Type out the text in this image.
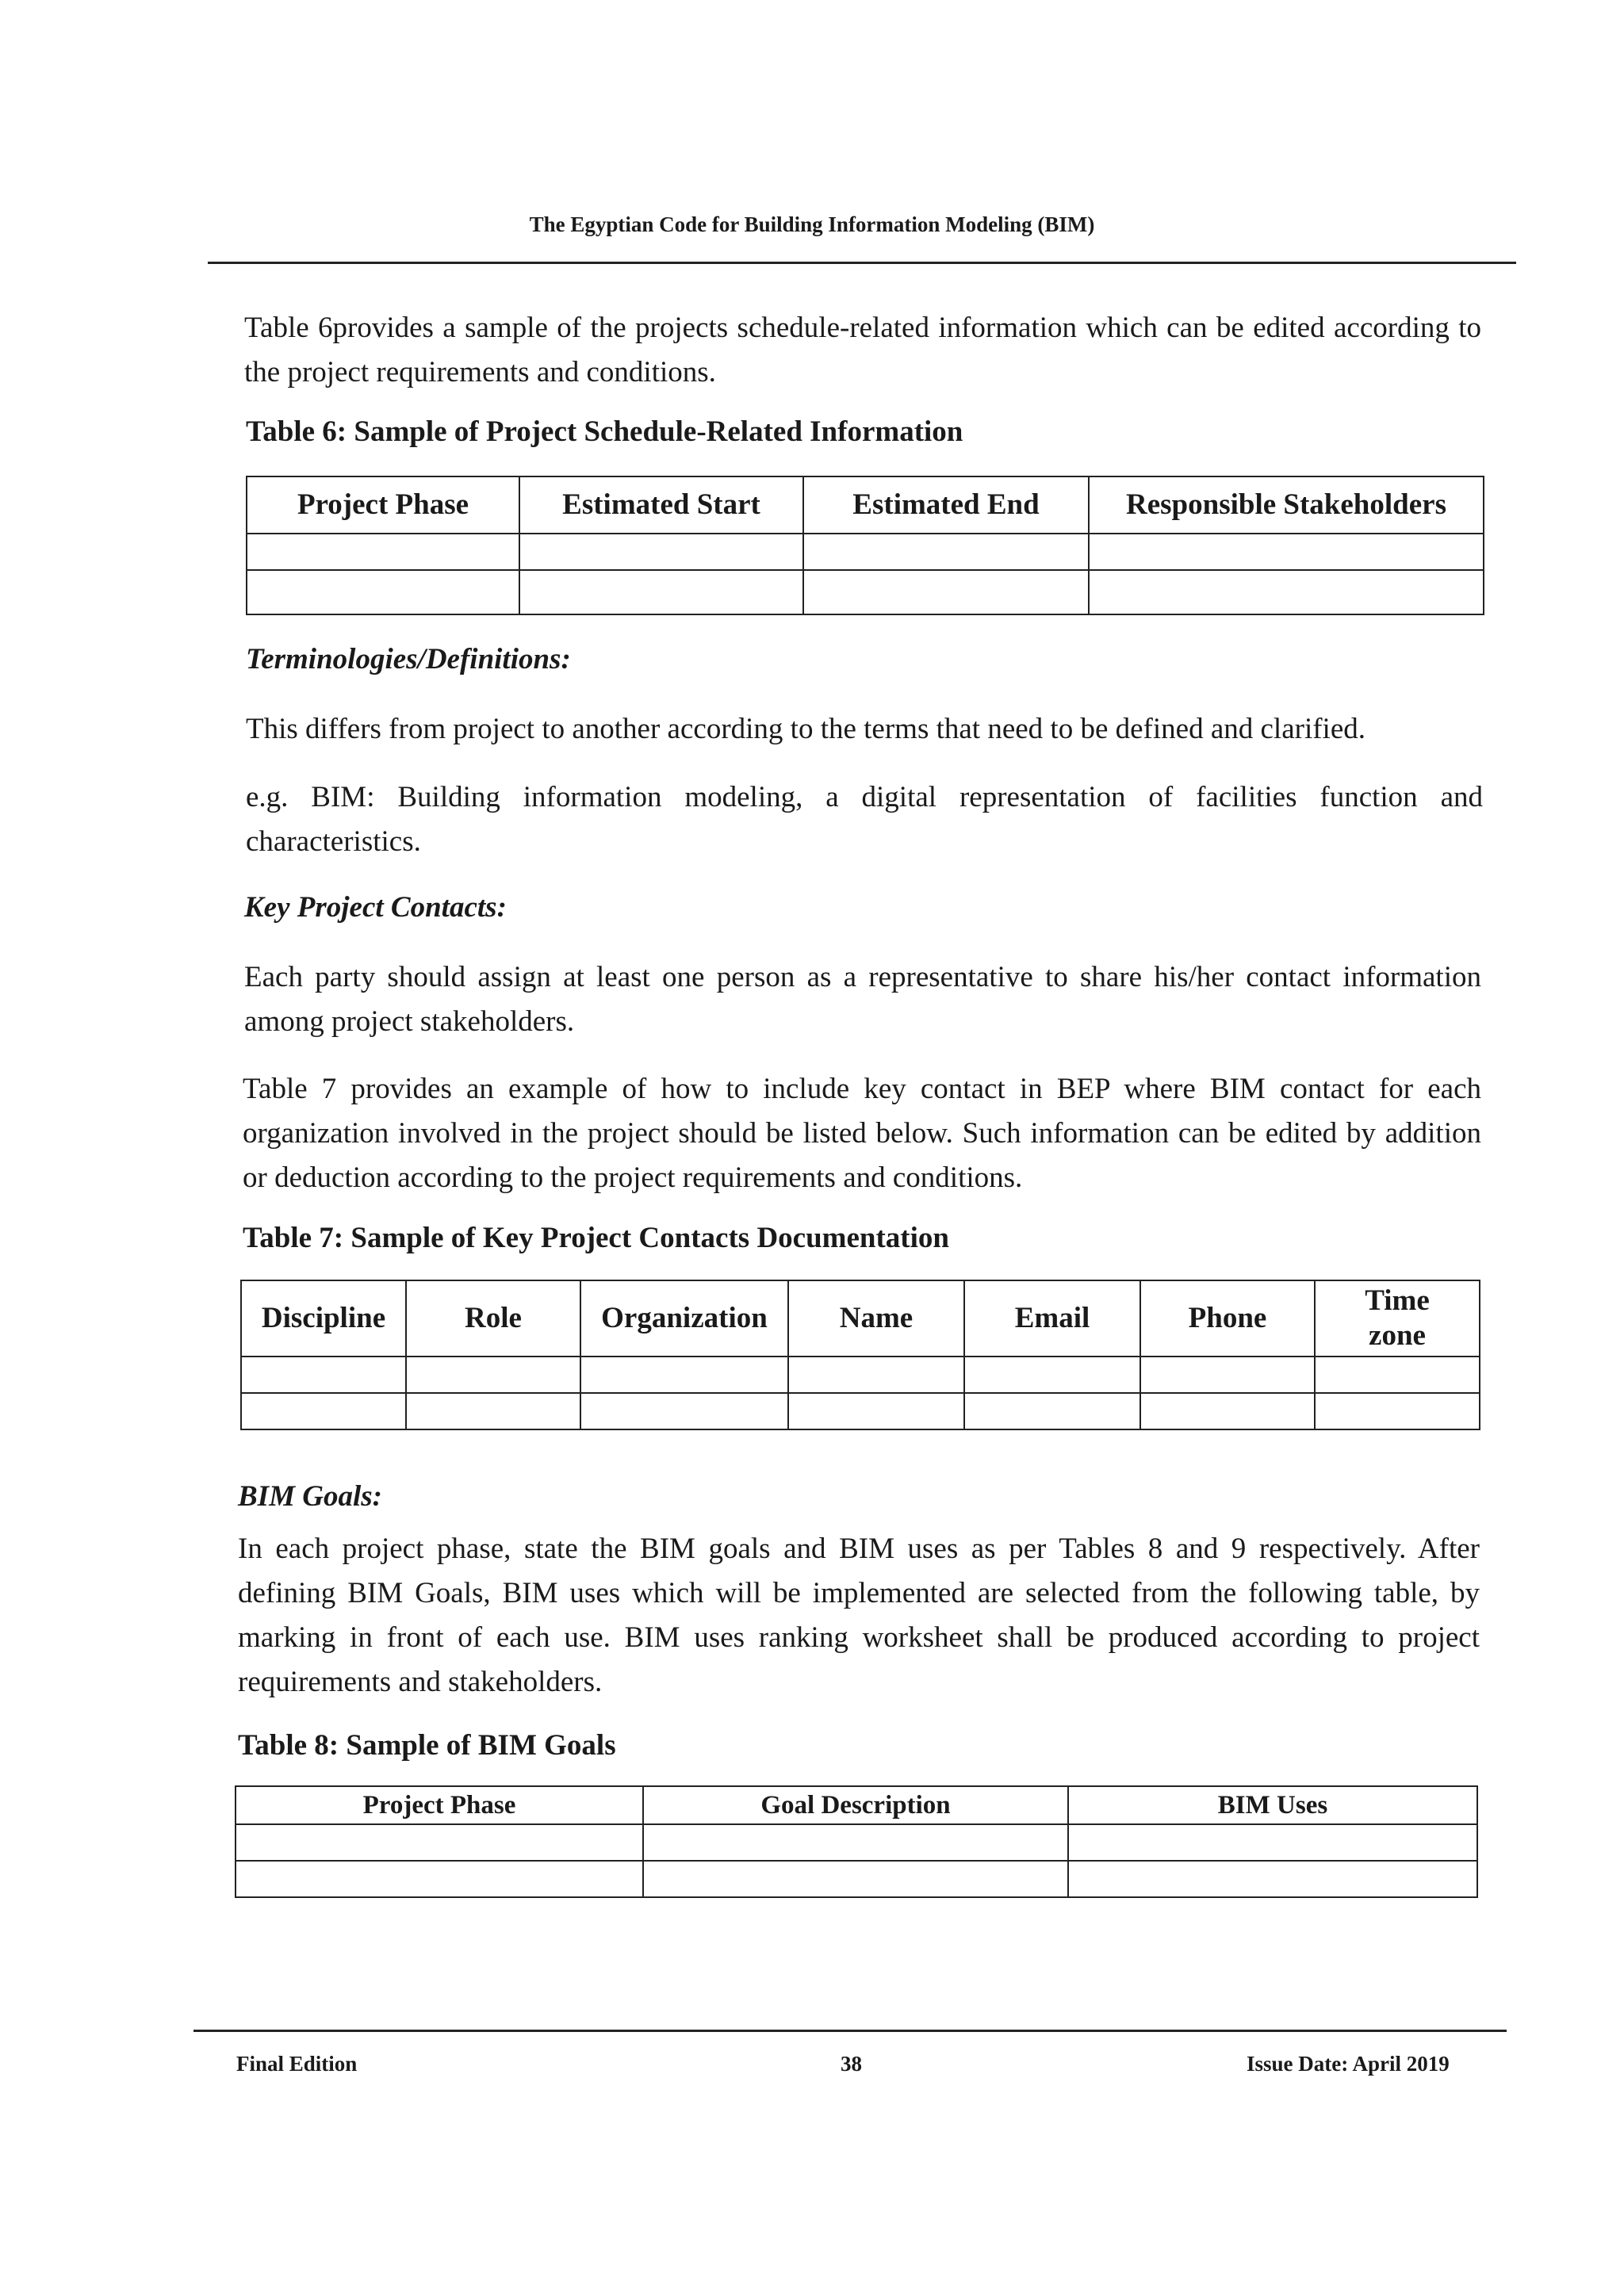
The Egyptian Code for Building Information Modeling (BIM)

Table 6provides a sample of the projects schedule-related information which can be edited according to the project requirements and conditions.

Table 6: Sample of Project Schedule-Related Information

Project Phase	Estimated Start	Estimated End	Responsible Stakeholders

Terminologies/Definitions:

This differs from project to another according to the terms that need to be defined and clarified.

e.g. BIM: Building information modeling, a digital representation of facilities function and characteristics.

Key Project Contacts:

Each party should assign at least one person as a representative to share his/her contact information among project stakeholders.

Table 7 provides an example of how to include key contact in BEP where BIM contact for each organization involved in the project should be listed below. Such information can be edited by addition or deduction according to the project requirements and conditions.

Table 7: Sample of Key Project Contacts Documentation

Discipline	Role	Organization	Name	Email	Phone	Time zone

BIM Goals:

In each project phase, state the BIM goals and BIM uses as per Tables 8 and 9 respectively. After defining BIM Goals, BIM uses which will be implemented are selected from the following table, by marking in front of each use. BIM uses ranking worksheet shall be produced according to project requirements and stakeholders.

Table 8: Sample of BIM Goals

Project Phase	Goal Description	BIM Uses

Final Edition	38	Issue Date: April 2019
